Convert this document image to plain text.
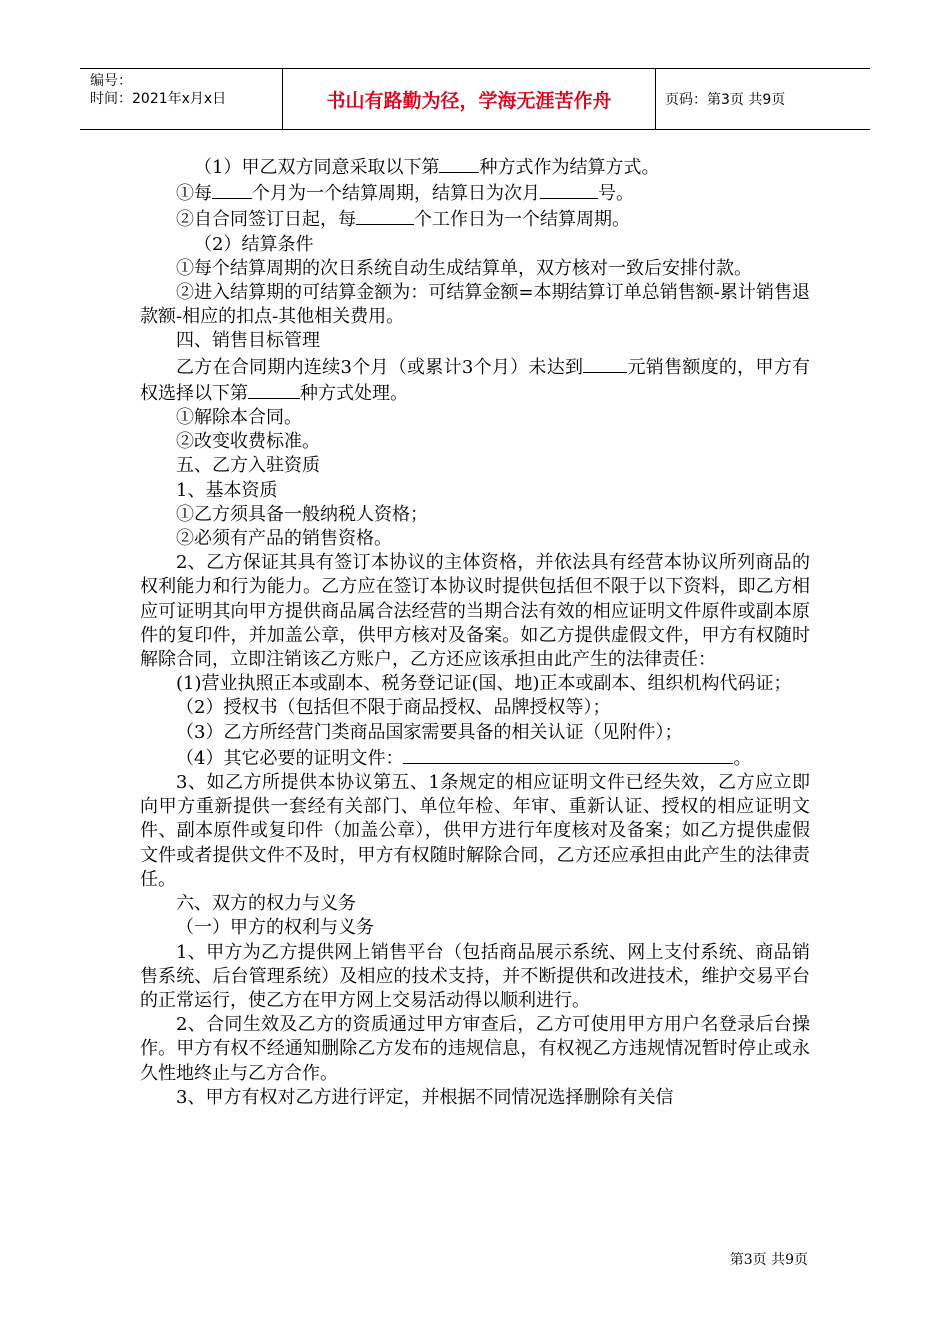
编号：
时间：2021年x月x日	书山有路勤为径，学海无涯苦作舟	页码：第3页 共9页

（1）甲乙双方同意采取以下第 种方式作为结算方式。

①每 个月为一个结算周期，结算日为次月	号。

②自合同签订日起，每	个工作日为一个结算周期。

（2）结算条件

①每个结算周期的次日系统自动生成结算单，双方核对一致后安排付款。

②进入结算期的可结算金额为：可结算金额=本期结算订单总销售额-累计销售退款额-相应的扣点-其他相关费用。

四、销售目标管理

乙方在合同期内连续3个月（或累计3个月）未达到 元销售额度的，甲方有权选择以下第	种方式处理。

①解除本合同。

②改变收费标准。

五、乙方入驻资质

1、基本资质

①乙方须具备一般纳税人资格；

②必须有产品的销售资格。

2、乙方保证其具有签订本协议的主体资格，并依法具有经营本协议所列商品的权利能力和行为能力。乙方应在签订本协议时提供包括但不限于以下资料，即乙方相应可证明其向甲方提供商品属合法经营的当期合法有效的相应证明文件原件或副本原件的复印件，并加盖公章，供甲方核对及备案。如乙方提供虚假文件，甲方有权随时解除合同，立即注销该乙方账户，乙方还应该承担由此产生的法律责任：

(1)营业执照正本或副本、税务登记证(国、地)正本或副本、组织机构代码证；

（2）授权书（包括但不限于商品授权、品牌授权等）；

（3）乙方所经营门类商品国家需要具备的相关认证（见附件）；

（4）其它必要的证明文件：	。

3、如乙方所提供本协议第五、1条规定的相应证明文件已经失效，乙方应立即向甲方重新提供一套经有关部门、单位年检、年审、重新认证、授权的相应证明文件、副本原件或复印件（加盖公章），供甲方进行年度核对及备案；如乙方提供虚假文件或者提供文件不及时，甲方有权随时解除合同，乙方还应承担由此产生的法律责任。

六、双方的权力与义务

（一）甲方的权利与义务

1、甲方为乙方提供网上销售平台（包括商品展示系统、网上支付系统、商品销售系统、后台管理系统）及相应的技术支持，并不断提供和改进技术，维护交易平台的正常运行，使乙方在甲方网上交易活动得以顺利进行。

2、合同生效及乙方的资质通过甲方审查后，乙方可使用甲方用户名登录后台操作。甲方有权不经通知删除乙方发布的违规信息，有权视乙方违规情况暂时停止或永久性地终止与乙方合作。

3、甲方有权对乙方进行评定，并根据不同情况选择删除有关信

第3页 共9页
